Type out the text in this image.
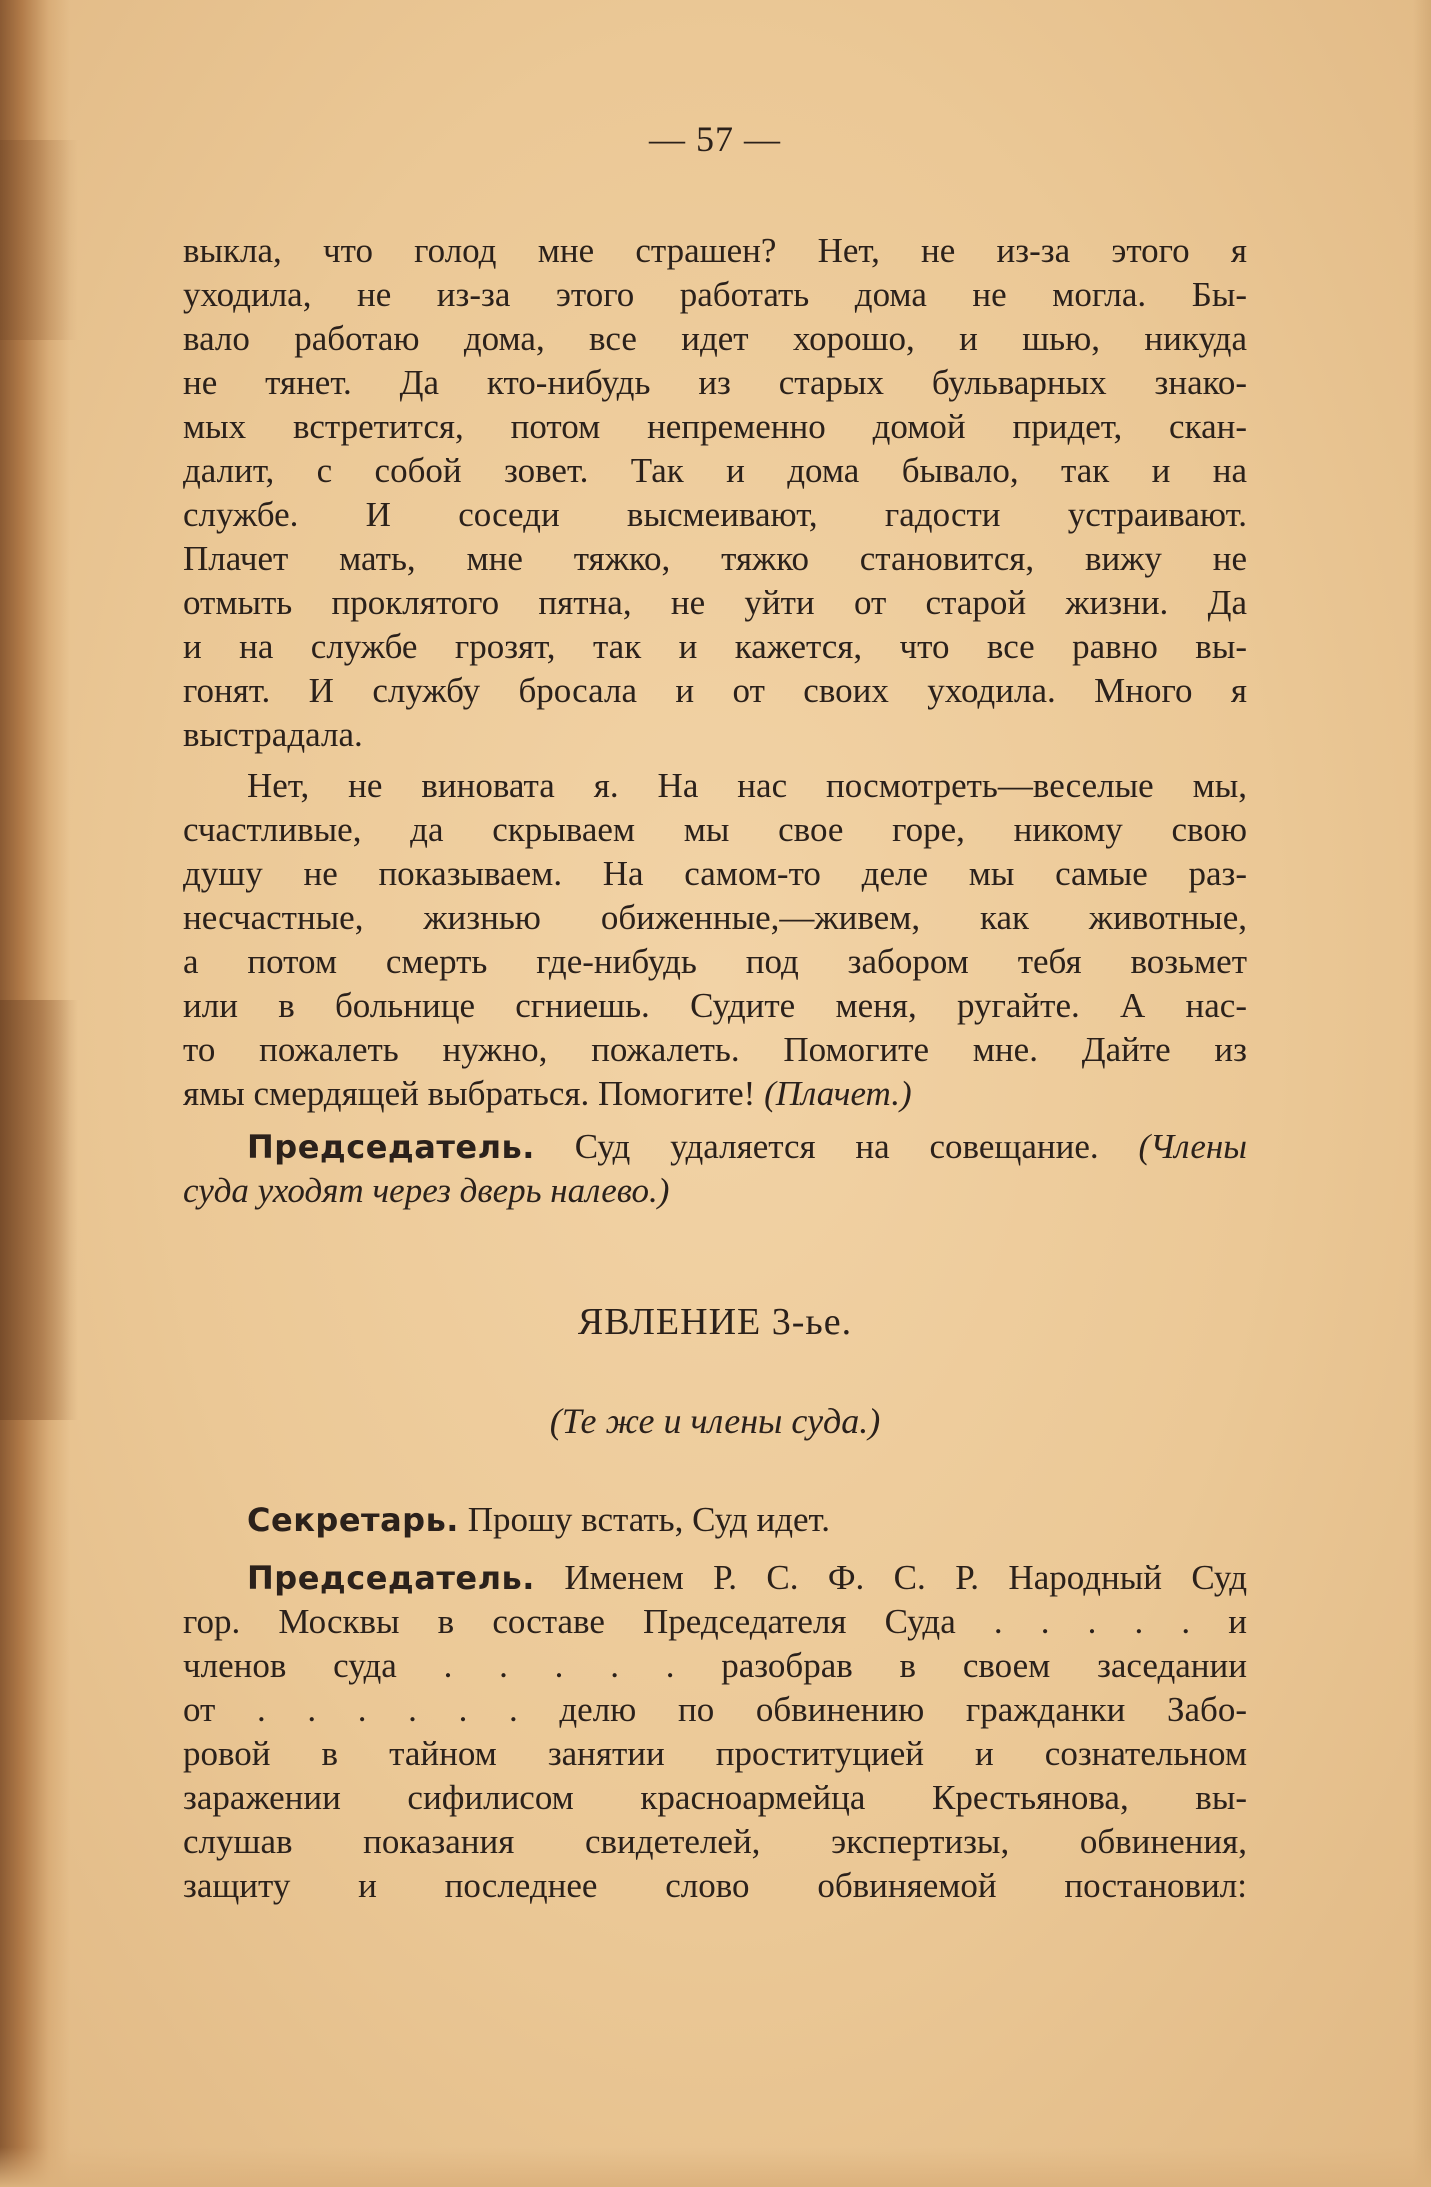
— 57 —
выкла, что голод мне страшен? Нет, не из-за этого я
уходила, не из-за этого работать дома не могла. Бы-
вало работаю дома, все идет хорошо, и шью, никуда
не тянет. Да кто-нибудь из старых бульварных знако-
мых встретится, потом непременно домой придет, скан-
далит, с собой зовет. Так и дома бывало, так и на
службе. И соседи высмеивают, гадости устраивают.
Плачет мать, мне тяжко, тяжко становится, вижу не
отмыть проклятого пятна, не уйти от старой жизни. Да
и на службе грозят, так и кажется, что все равно вы-
гонят. И службу бросала и от своих уходила. Много я
выстрадала.
Нет, не виновата я. На нас посмотреть—веселые мы,
счастливые, да скрываем мы свое горе, никому свою
душу не показываем. На самом-то деле мы самые раз-
несчастные, жизнью обиженные,—живем, как животные,
а потом смерть где-нибудь под забором тебя возьмет
или в больнице сгниешь. Судите меня, ругайте. А нас-
то пожалеть нужно, пожалеть. Помогите мне. Дайте из
ямы смердящей выбраться. Помогите! (Плачет.)
Председатель. Суд удаляется на совещание. (Члены
суда уходят через дверь налево.)
ЯВЛЕНИЕ 3-ье.
(Те же и члены суда.)
Секретарь. Прошу встать, Суд идет.
Председатель. Именем Р. С. Ф. С. Р. Народный Суд
гор. Москвы в составе Председателя Суда . . . . . и
членов суда . . . . . разобрав в своем заседании
от . . . . . . делю по обвинению гражданки Забо-
ровой в тайном занятии проституцией и сознательном
заражении сифилисом красноармейца Крестьянова, вы-
слушав показания свидетелей, экспертизы, обвинения,
защиту и последнее слово обвиняемой постановил:
